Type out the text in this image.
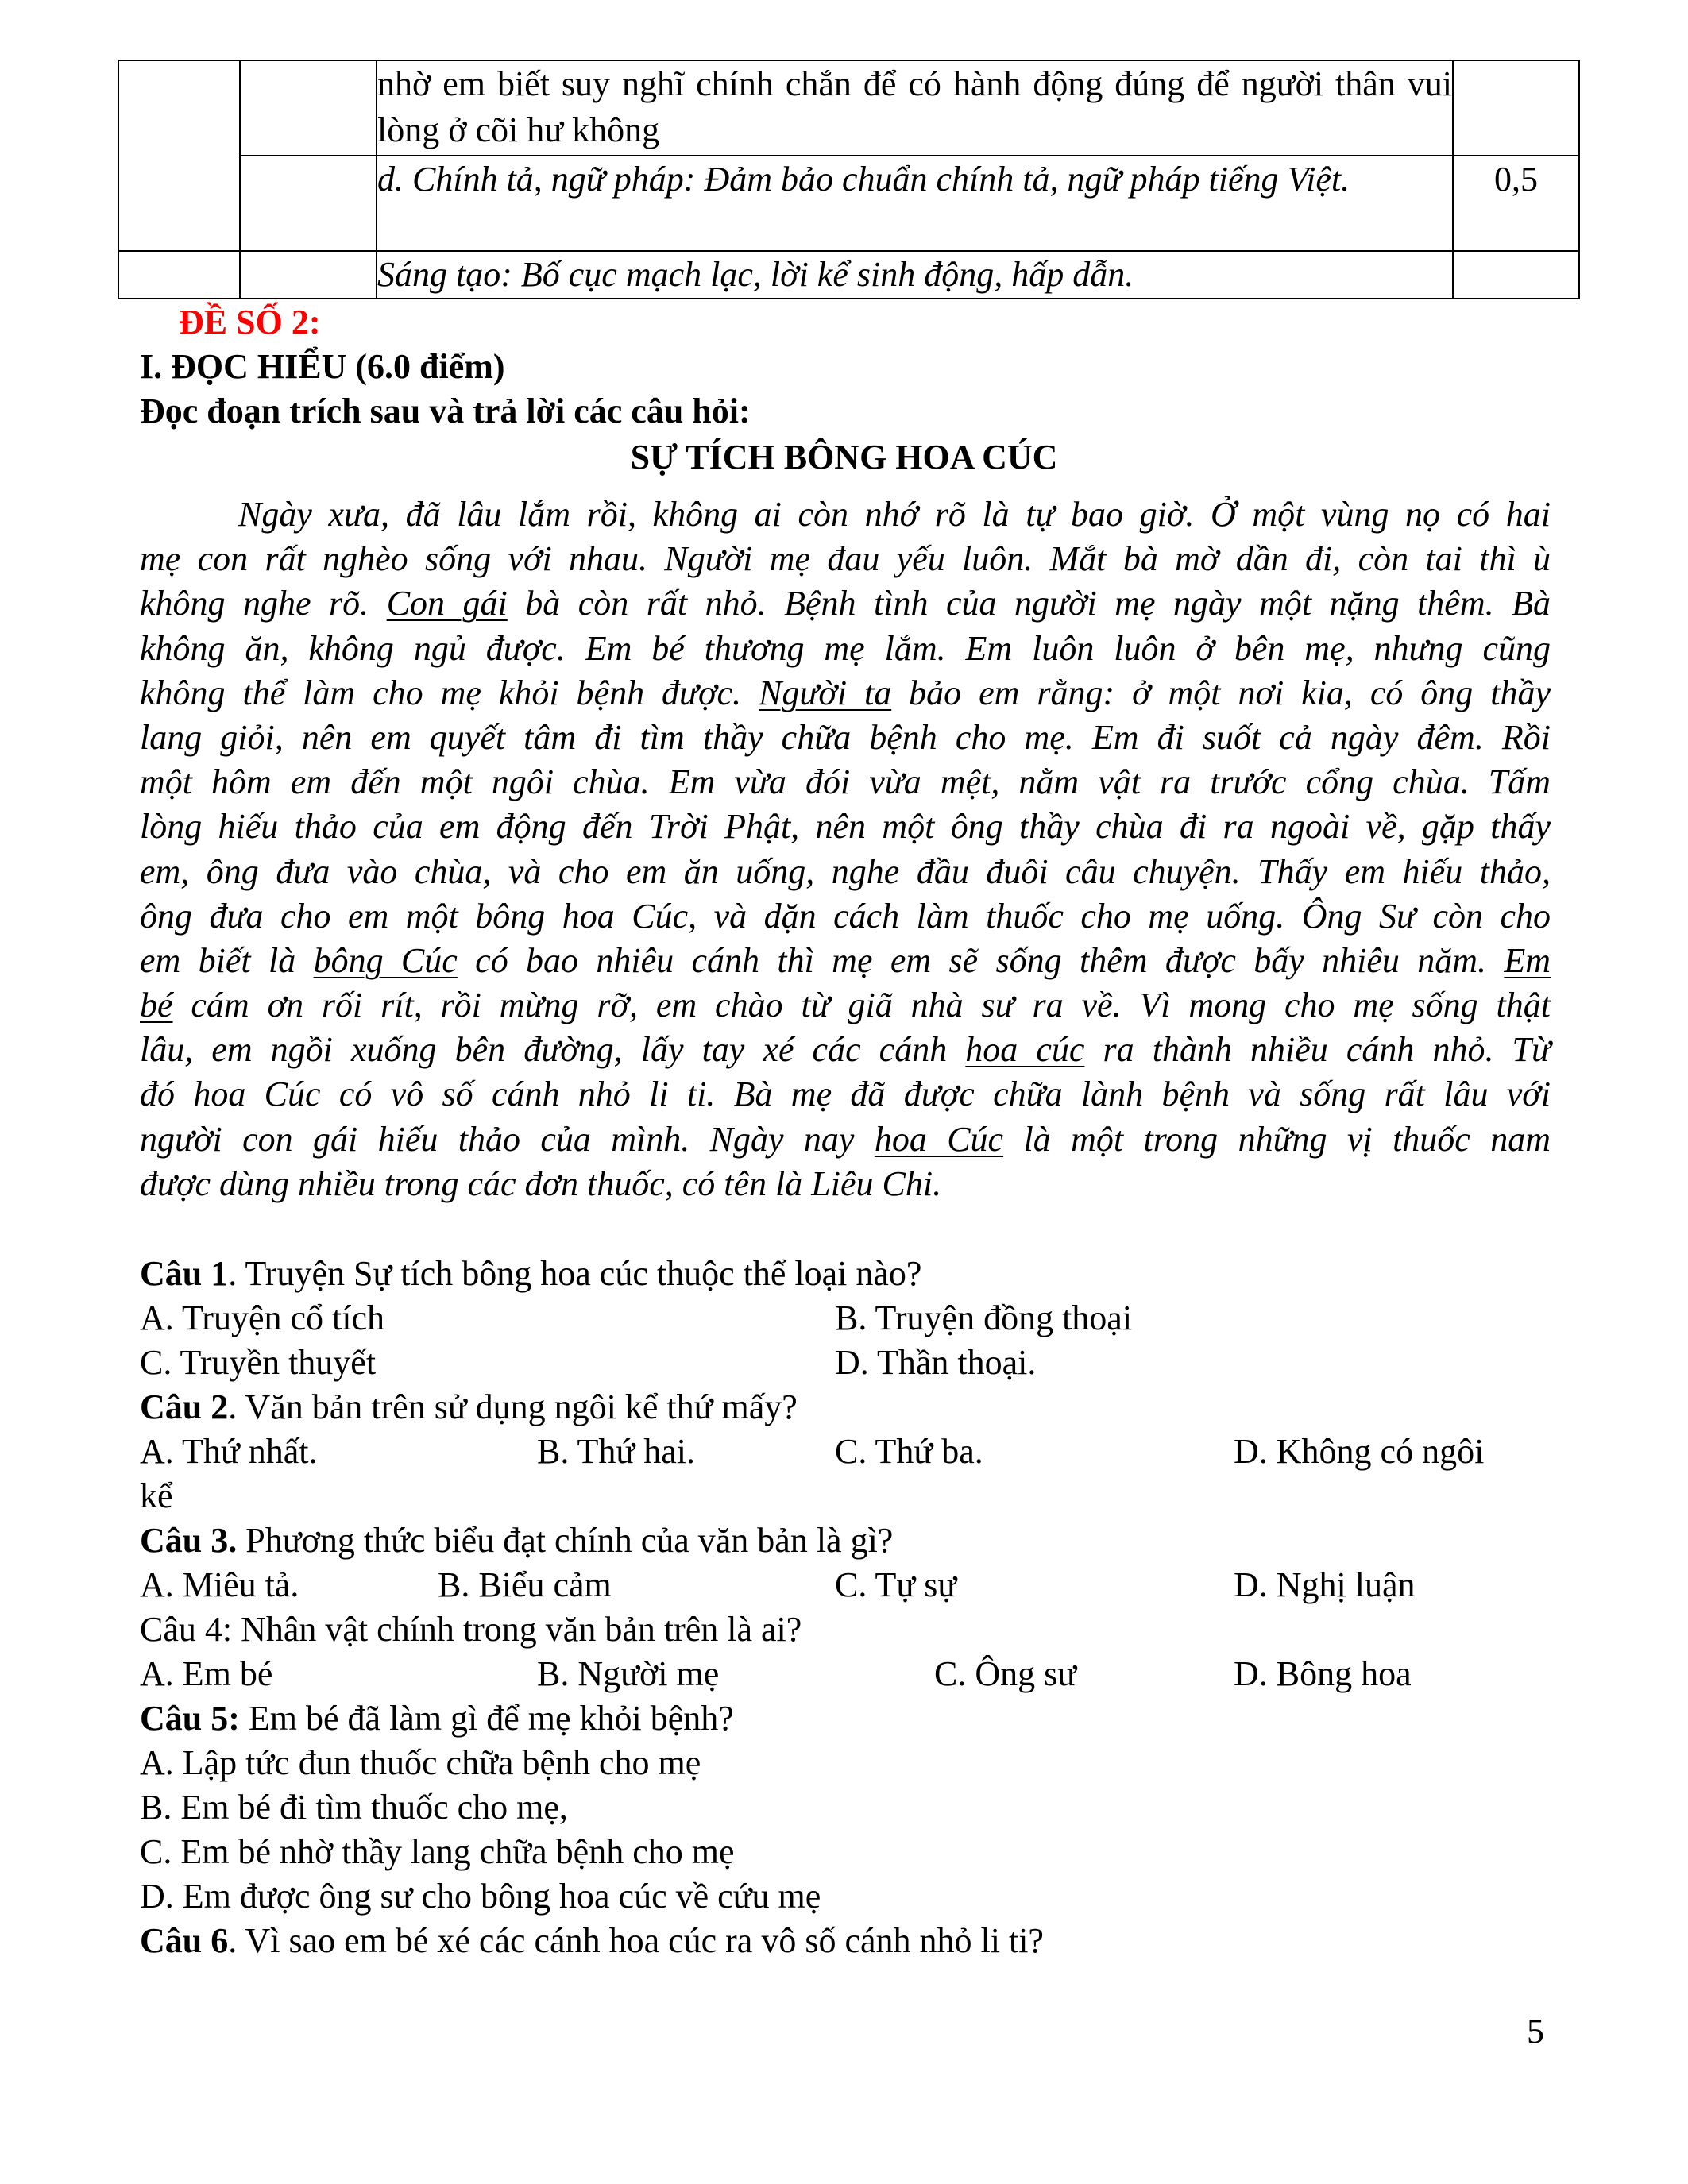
		nhờ em biết suy nghĩ chính chắn để có hành động đúng để người thân vui lòng ở cõi hư không	
		d. Chính tả, ngữ pháp: Đảm bảo chuẩn chính tả, ngữ pháp tiếng Việt.	0,5
		Sáng tạo: Bố cục mạch lạc, lời kể sinh động, hấp dẫn.	
ĐỀ SỐ 2:
I. ĐỌC HIỂU (6.0 điểm)
Đọc đoạn trích sau và trả lời các câu hỏi:
SỰ TÍCH BÔNG HOA CÚC
Ngày xưa, đã lâu lắm rồi, không ai còn nhớ rõ là tự bao giờ. Ở một vùng nọ có hai
mẹ con rất nghèo sống với nhau. Người mẹ đau yếu luôn. Mắt bà mờ dần đi, còn tai thì ù
không nghe rõ. Con gái bà còn rất nhỏ. Bệnh tình của người mẹ ngày một nặng thêm. Bà
không ăn, không ngủ được. Em bé thương mẹ lắm. Em luôn luôn ở bên mẹ, nhưng cũng
không thể làm cho mẹ khỏi bệnh được. Người ta bảo em rằng: ở một nơi kia, có ông thầy
lang giỏi, nên em quyết tâm đi tìm thầy chữa bệnh cho mẹ. Em đi suốt cả ngày đêm. Rồi
một hôm em đến một ngôi chùa. Em vừa đói vừa mệt, nằm vật ra trước cổng chùa. Tấm
lòng hiếu thảo của em động đến Trời Phật, nên một ông thầy chùa đi ra ngoài về, gặp thấy
em, ông đưa vào chùa, và cho em ăn uống, nghe đầu đuôi câu chuyện. Thấy em hiếu thảo,
ông đưa cho em một bông hoa Cúc, và dặn cách làm thuốc cho mẹ uống. Ông Sư còn cho
em biết là bông Cúc có bao nhiêu cánh thì mẹ em sẽ sống thêm được bấy nhiêu năm. Em
bé cám ơn rối rít, rồi mừng rỡ, em chào từ giã nhà sư ra về. Vì mong cho mẹ sống thật
lâu, em ngồi xuống bên đường, lấy tay xé các cánh hoa cúc ra thành nhiều cánh nhỏ. Từ
đó hoa Cúc có vô số cánh nhỏ li ti. Bà mẹ đã được chữa lành bệnh và sống rất lâu với
người con gái hiếu thảo của mình. Ngày nay hoa Cúc là một trong những vị thuốc nam
được dùng nhiều trong các đơn thuốc, có tên là Liêu Chi.
Câu 1. Truyện Sự tích bông hoa cúc thuộc thể loại nào?
A. Truyện cổ tích	B. Truyện đồng thoại
C. Truyền thuyết	D. Thần thoại.
Câu 2. Văn bản trên sử dụng ngôi kể thứ mấy?
A. Thứ nhất.	B. Thứ hai.	C. Thứ ba.	D. Không có ngôi
kể
Câu 3. Phương thức biểu đạt chính của văn bản là gì?
A. Miêu tả.	B. Biểu cảm	C. Tự sự	D. Nghị luận
Câu 4: Nhân vật chính trong văn bản trên là ai?
A. Em bé	B. Người mẹ	C. Ông sư	D. Bông hoa
Câu 5: Em bé đã làm gì để mẹ khỏi bệnh?
A. Lập tức đun thuốc chữa bệnh cho mẹ
B. Em bé đi tìm thuốc cho mẹ,
C. Em bé nhờ thầy lang chữa bệnh cho mẹ
D. Em được ông sư cho bông hoa cúc về cứu mẹ
Câu 6. Vì sao em bé xé các cánh hoa cúc ra vô số cánh nhỏ li ti?
5
